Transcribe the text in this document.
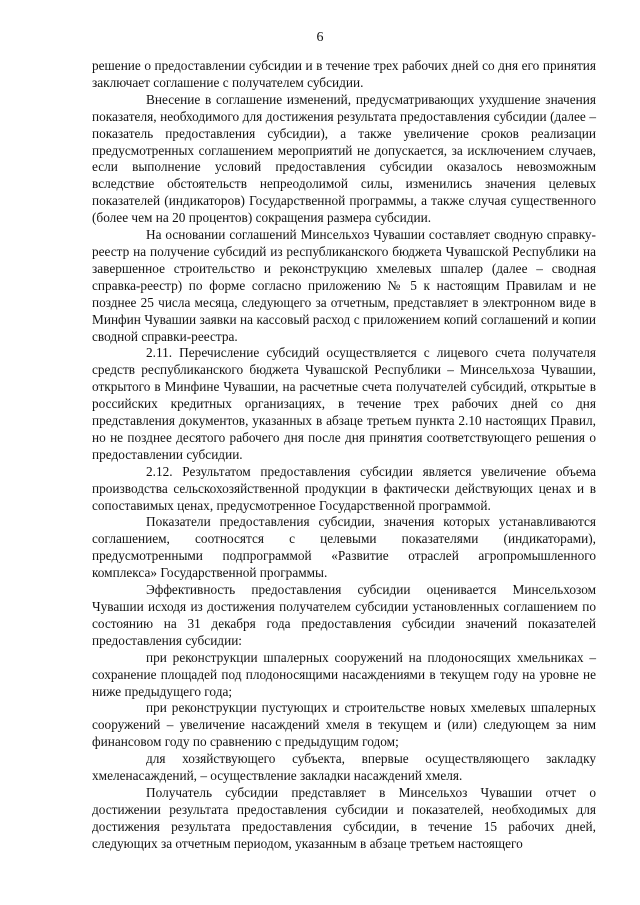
6

решение о предоставлении субсидии и в течение трех рабочих дней со дня его принятия заключает соглашение с получателем субсидии.

Внесение в соглашение изменений, предусматривающих ухудшение значения показателя, необходимого для достижения результата предоставления субсидии (далее – показатель предоставления субсидии), а также увеличение сроков реализации предусмотренных соглашением мероприятий не допускается, за исключением случаев, если выполнение условий предоставления субсидии оказалось невозможным вследствие обстоятельств непреодолимой силы, изменились значения целевых показателей (индикаторов) Государственной программы, а также случая существенного (более чем на 20 процентов) сокращения размера субсидии.

На основании соглашений Минсельхоз Чувашии составляет сводную справку-реестр на получение субсидий из республиканского бюджета Чувашской Республики на завершенное строительство и реконструкцию хмелевых шпалер (далее – сводная справка-реестр) по форме согласно приложению № 5 к настоящим Правилам и не позднее 25 числа месяца, следующего за отчетным, представляет в электронном виде в Минфин Чувашии заявки на кассовый расход с приложением копий соглашений и копии сводной справки-реестра.

2.11. Перечисление субсидий осуществляется с лицевого счета получателя средств республиканского бюджета Чувашской Республики – Минсельхоза Чувашии, открытого в Минфине Чувашии, на расчетные счета получателей субсидий, открытые в российских кредитных организациях, в течение трех рабочих дней со дня представления документов, указанных в абзаце третьем пункта 2.10 настоящих Правил, но не позднее десятого рабочего дня после дня принятия соответствующего решения о предоставлении субсидии.

2.12. Результатом предоставления субсидии является увеличение объема производства сельскохозяйственной продукции в фактически действующих ценах и в сопоставимых ценах, предусмотренное Государственной программой.

Показатели предоставления субсидии, значения которых устанавливаются соглашением, соотносятся с целевыми показателями (индикаторами), предусмотренными подпрограммой «Развитие отраслей агропромышленного комплекса» Государственной программы.

Эффективность предоставления субсидии оценивается Минсельхозом Чувашии исходя из достижения получателем субсидии установленных соглашением по состоянию на 31 декабря года предоставления субсидии значений показателей предоставления субсидии:

при реконструкции шпалерных сооружений на плодоносящих хмельниках – сохранение площадей под плодоносящими насаждениями в текущем году на уровне не ниже предыдущего года;

при реконструкции пустующих и строительстве новых хмелевых шпалерных сооружений – увеличение насаждений хмеля в текущем и (или) следующем за ним финансовом году по сравнению с предыдущим годом;

для хозяйствующего субъекта, впервые осуществляющего закладку хмеленасаждений, – осуществление закладки насаждений хмеля.

Получатель субсидии представляет в Минсельхоз Чувашии отчет о достижении результата предоставления субсидии и показателей, необходимых для достижения результата предоставления субсидии, в течение 15 рабочих дней, следующих за отчетным периодом, указанным в абзаце третьем настоящего
